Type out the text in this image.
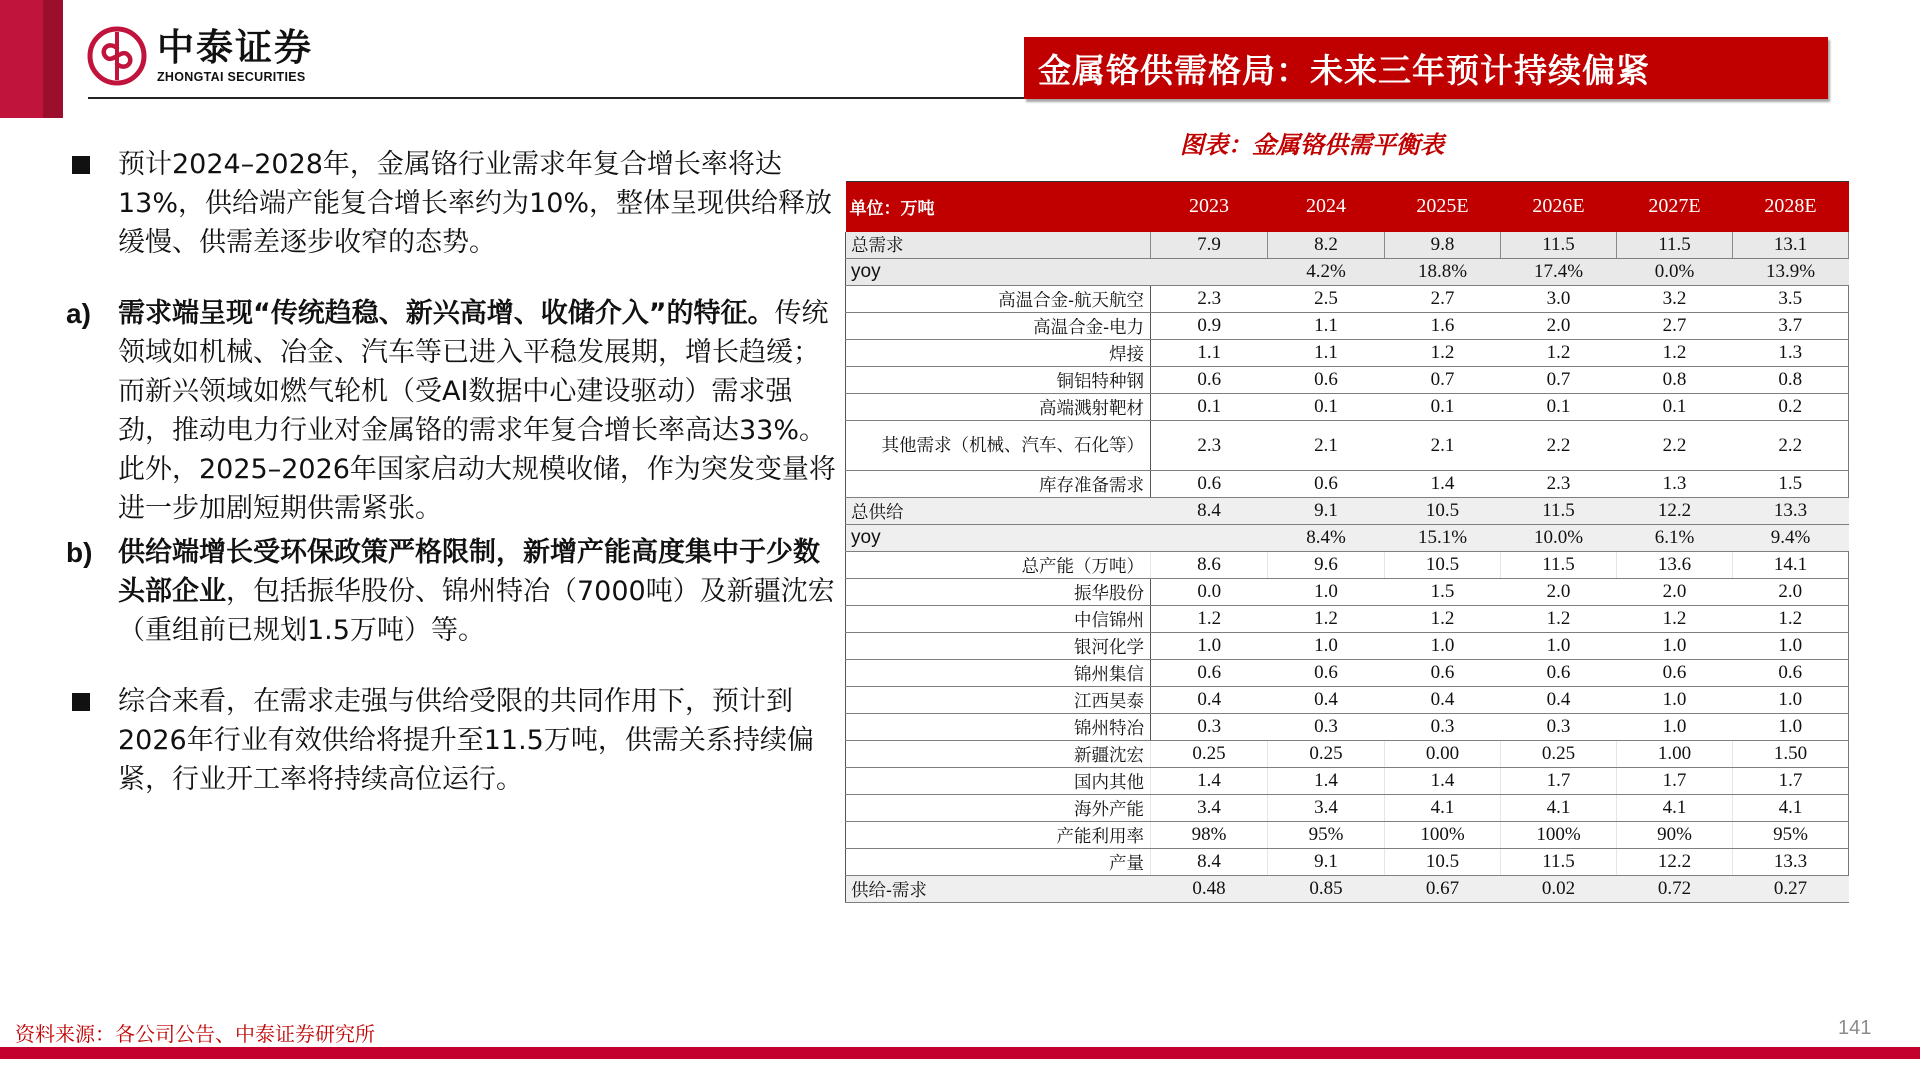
中泰证券
ZHONGTAI SECURITIES	金属铬供需格局：未来三年预计持续偏紧
图表：金属铬供需平衡表
预计2024–2028年，金属铬行业需求年复合增长率将达13%，供给端产能复合增长率约为10%，整体呈现供给释放缓慢、供需差逐步收窄的态势。
a) 需求端呈现“传统趋稳、新兴高增、收储介入”的特征。传统领域如机械、冶金、汽车等已进入平稳发展期，增长趋缓；而新兴领域如燃气轮机（受AI数据中心建设驱动）需求强劲，推动电力行业对金属铬的需求年复合增长率高达33%。此外，2025–2026年国家启动大规模收储，作为突发变量将进一步加剧短期供需紧张。
b) 供给端增长受环保政策严格限制，新增产能高度集中于少数头部企业，包括振华股份、锦州特冶（7000吨）及新疆沈宏（重组前已规划1.5万吨）等。
综合来看，在需求走强与供给受限的共同作用下，预计到2026年行业有效供给将提升至11.5万吨，供需关系持续偏紧，行业开工率将持续高位运行。
单位：万吨	2023	2024	2025E	2026E	2027E	2028E
总需求	7.9	8.2	9.8	11.5	11.5	13.1
yoy		4.2%	18.8%	17.4%	0.0%	13.9%
高温合金-航天航空	2.3	2.5	2.7	3.0	3.2	3.5
高温合金-电力	0.9	1.1	1.6	2.0	2.7	3.7
焊接	1.1	1.1	1.2	1.2	1.2	1.3
铜铝特种钢	0.6	0.6	0.7	0.7	0.8	0.8
高端溅射靶材	0.1	0.1	0.1	0.1	0.1	0.2
其他需求（机械、汽车、石化等）	2.3	2.1	2.1	2.2	2.2	2.2
库存准备需求	0.6	0.6	1.4	2.3	1.3	1.5
总供给	8.4	9.1	10.5	11.5	12.2	13.3
yoy		8.4%	15.1%	10.0%	6.1%	9.4%
总产能（万吨）	8.6	9.6	10.5	11.5	13.6	14.1
振华股份	0.0	1.0	1.5	2.0	2.0	2.0
中信锦州	1.2	1.2	1.2	1.2	1.2	1.2
银河化学	1.0	1.0	1.0	1.0	1.0	1.0
锦州集信	0.6	0.6	0.6	0.6	0.6	0.6
江西昊泰	0.4	0.4	0.4	0.4	1.0	1.0
锦州特冶	0.3	0.3	0.3	0.3	1.0	1.0
新疆沈宏	0.25	0.25	0.00	0.25	1.00	1.50
国内其他	1.4	1.4	1.4	1.7	1.7	1.7
海外产能	3.4	3.4	4.1	4.1	4.1	4.1
产能利用率	98%	95%	100%	100%	90%	95%
产量	8.4	9.1	10.5	11.5	12.2	13.3
供给-需求	0.48	0.85	0.67	0.02	0.72	0.27
资料来源：各公司公告、中泰证券研究所	141
